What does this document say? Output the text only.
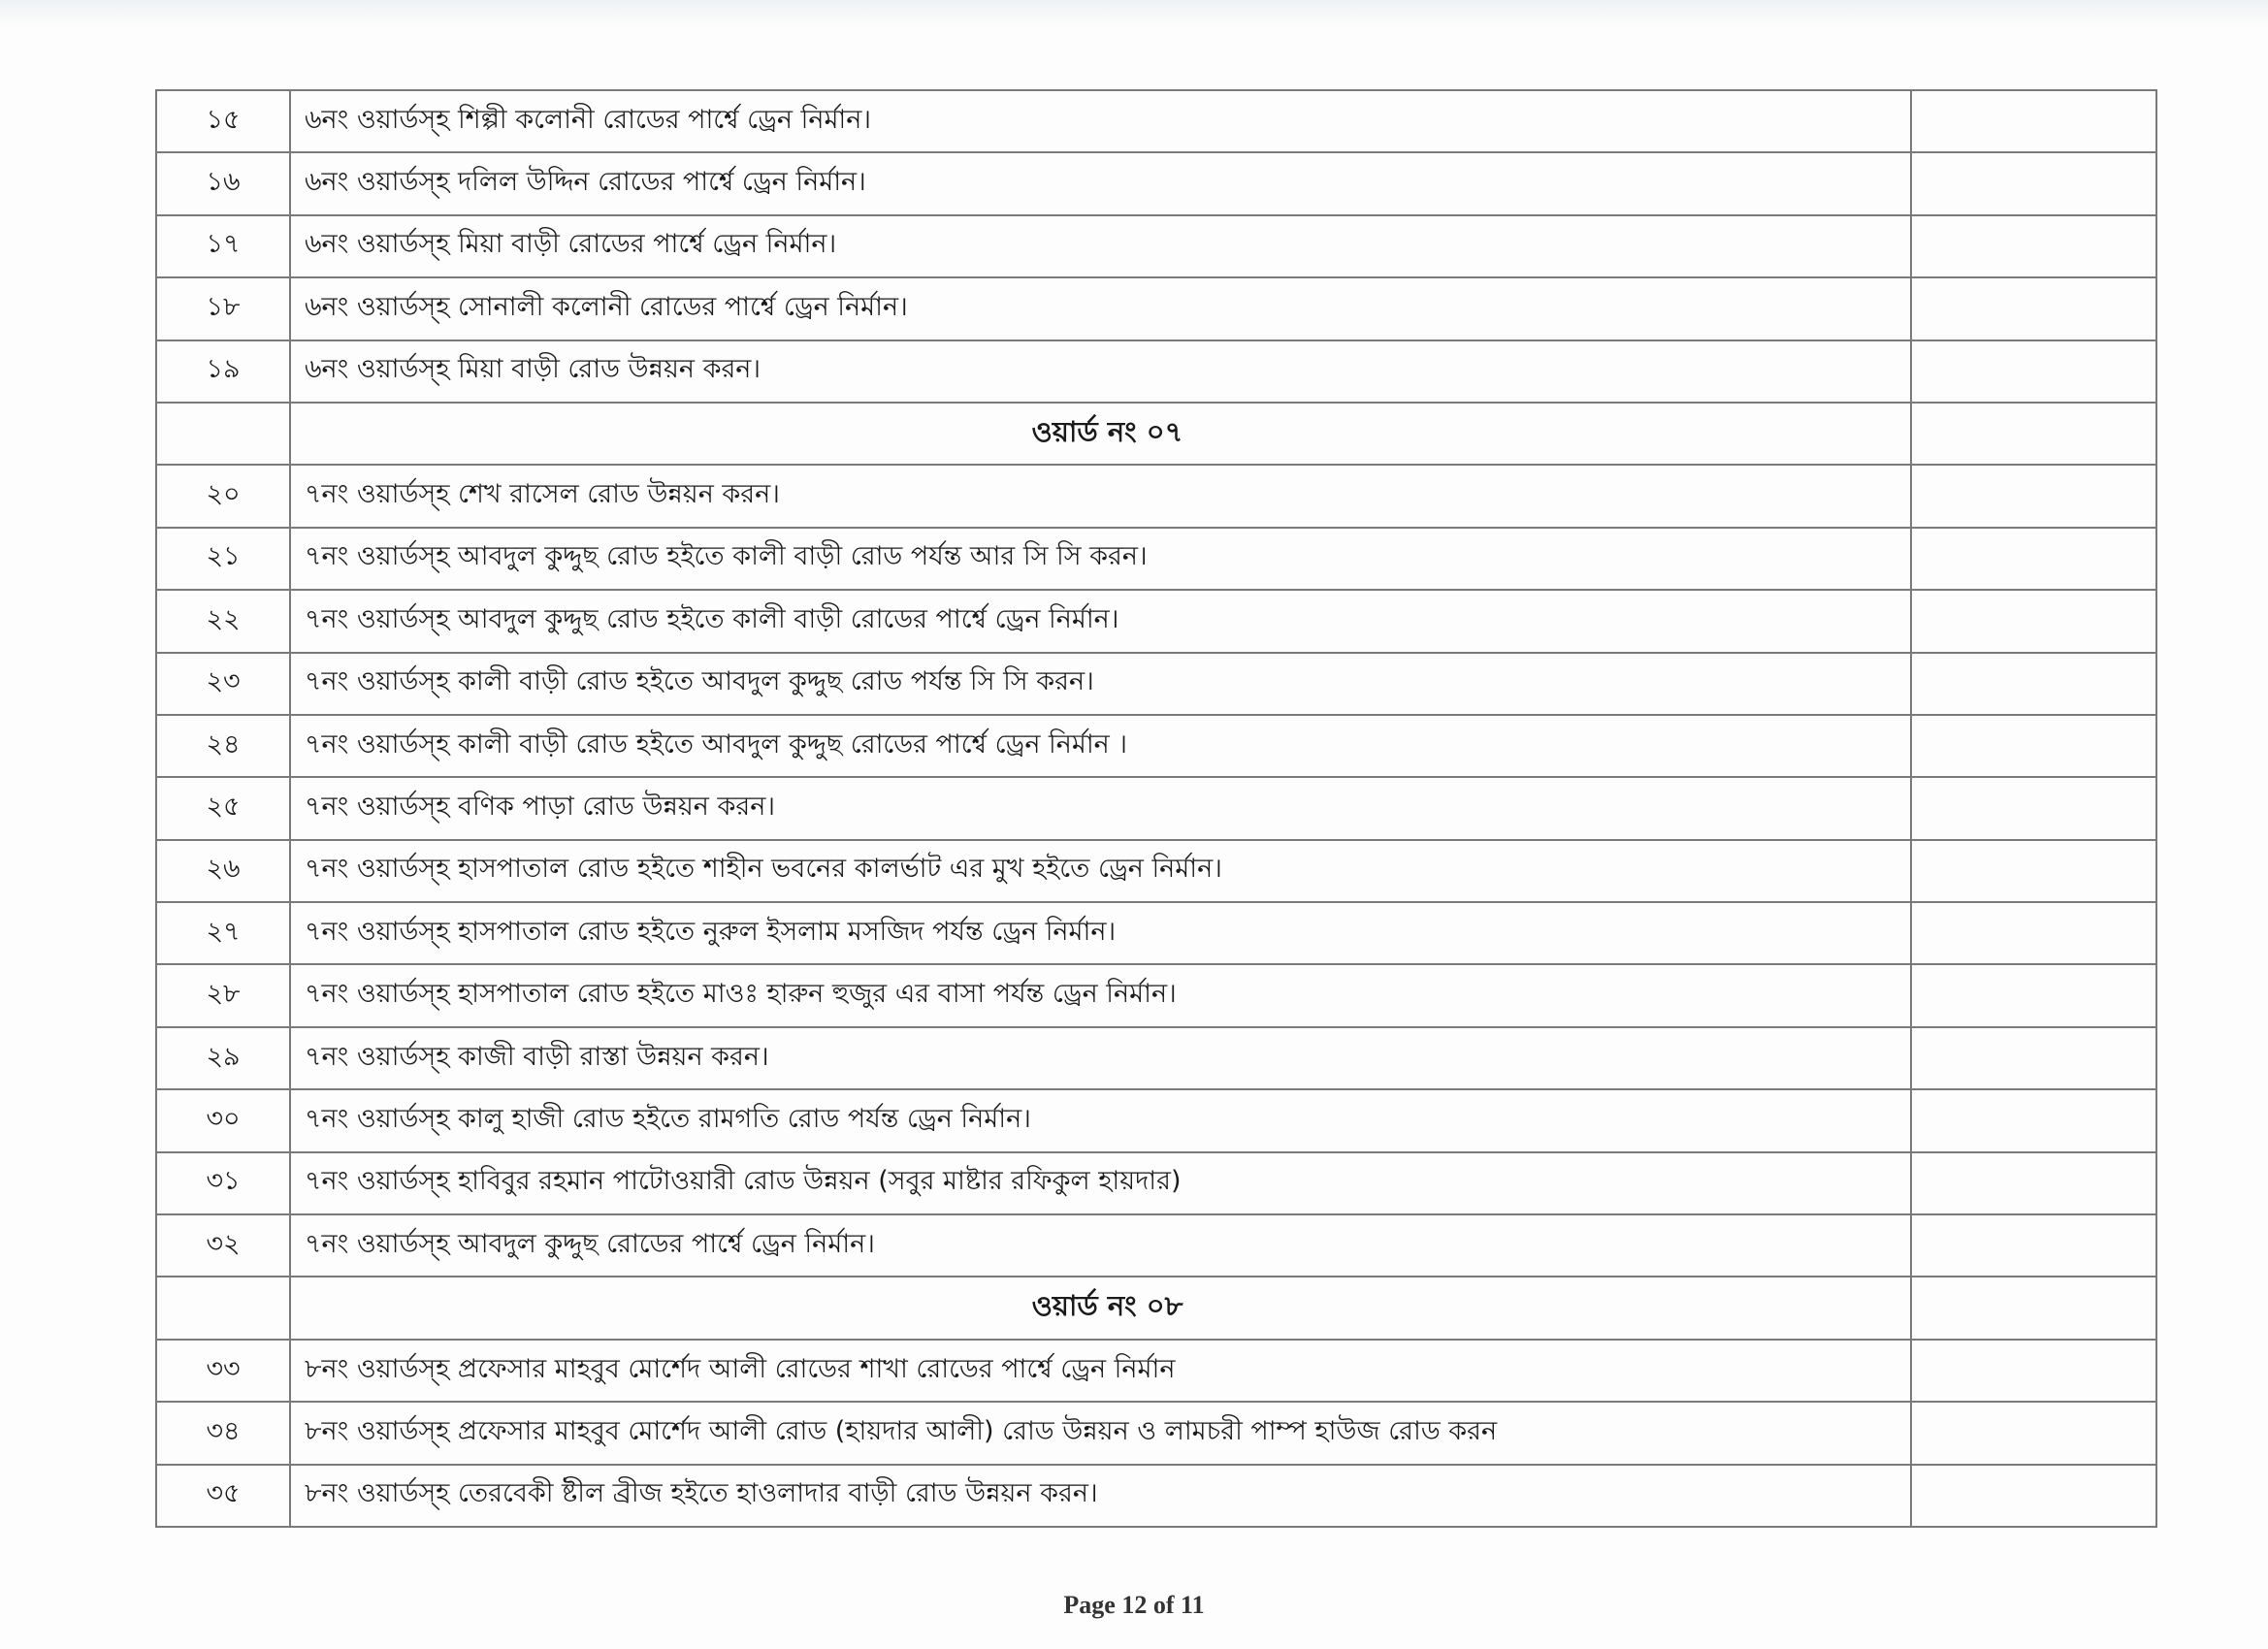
১৫	৬নং ওয়ার্ডস্হ শিল্পী কলোনী রোডের পার্শ্বে ড্রেন নির্মান।	
১৬	৬নং ওয়ার্ডস্হ দলিল উদ্দিন রোডের পার্শ্বে ড্রেন নির্মান।	
১৭	৬নং ওয়ার্ডস্হ মিয়া বাড়ী রোডের পার্শ্বে ড্রেন নির্মান।	
১৮	৬নং ওয়ার্ডস্হ সোনালী কলোনী রোডের পার্শ্বে ড্রেন নির্মান।	
১৯	৬নং ওয়ার্ডস্হ মিয়া বাড়ী রোড উন্নয়ন করন।	
	ওয়ার্ড নং ০৭	
২০	৭নং ওয়ার্ডস্হ শেখ রাসেল রোড উন্নয়ন করন।	
২১	৭নং ওয়ার্ডস্হ আবদুল কুদ্দুছ রোড হইতে কালী বাড়ী রোড পর্যন্ত আর সি সি করন।	
২২	৭নং ওয়ার্ডস্হ আবদুল কুদ্দুছ রোড হইতে কালী বাড়ী রোডের পার্শ্বে ড্রেন নির্মান।	
২৩	৭নং ওয়ার্ডস্হ কালী বাড়ী রোড হইতে আবদুল কুদ্দুছ রোড পর্যন্ত সি সি করন।	
২৪	৭নং ওয়ার্ডস্হ কালী বাড়ী রোড হইতে আবদুল কুদ্দুছ রোডের পার্শ্বে ড্রেন নির্মান ।	
২৫	৭নং ওয়ার্ডস্হ বণিক পাড়া রোড উন্নয়ন করন।	
২৬	৭নং ওয়ার্ডস্হ হাসপাতাল রোড হইতে শাহীন ভবনের কালর্ভাট এর মুখ হইতে ড্রেন নির্মান।	
২৭	৭নং ওয়ার্ডস্হ হাসপাতাল রোড হইতে নুরুল ইসলাম মসজিদ পর্যন্ত ড্রেন নির্মান।	
২৮	৭নং ওয়ার্ডস্হ হাসপাতাল রোড হইতে মাওঃ হারুন হুজুর এর বাসা পর্যন্ত ড্রেন নির্মান।	
২৯	৭নং ওয়ার্ডস্হ কাজী বাড়ী রাস্তা উন্নয়ন করন।	
৩০	৭নং ওয়ার্ডস্হ কালু হাজী রোড হইতে রামগতি রোড পর্যন্ত ড্রেন নির্মান।	
৩১	৭নং ওয়ার্ডস্হ হাবিবুর রহমান পাটোওয়ারী রোড উন্নয়ন (সবুর মাষ্টার রফিকুল হায়দার)	
৩২	৭নং ওয়ার্ডস্হ আবদুল কুদ্দুছ রোডের পার্শ্বে ড্রেন নির্মান।	
	ওয়ার্ড নং ০৮	
৩৩	৮নং ওয়ার্ডস্হ প্রফেসার মাহবুব মোর্শেদ আলী রোডের শাখা রোডের পার্শ্বে ড্রেন নির্মান	
৩৪	৮নং ওয়ার্ডস্হ প্রফেসার মাহবুব মোর্শেদ আলী রোড (হায়দার আলী) রোড উন্নয়ন ও লামচরী পাম্প হাউজ রোড করন	
৩৫	৮নং ওয়ার্ডস্হ তেরবেকী ষ্টীল ব্রীজ হইতে হাওলাদার বাড়ী রোড উন্নয়ন করন।	
Page 12 of 11
